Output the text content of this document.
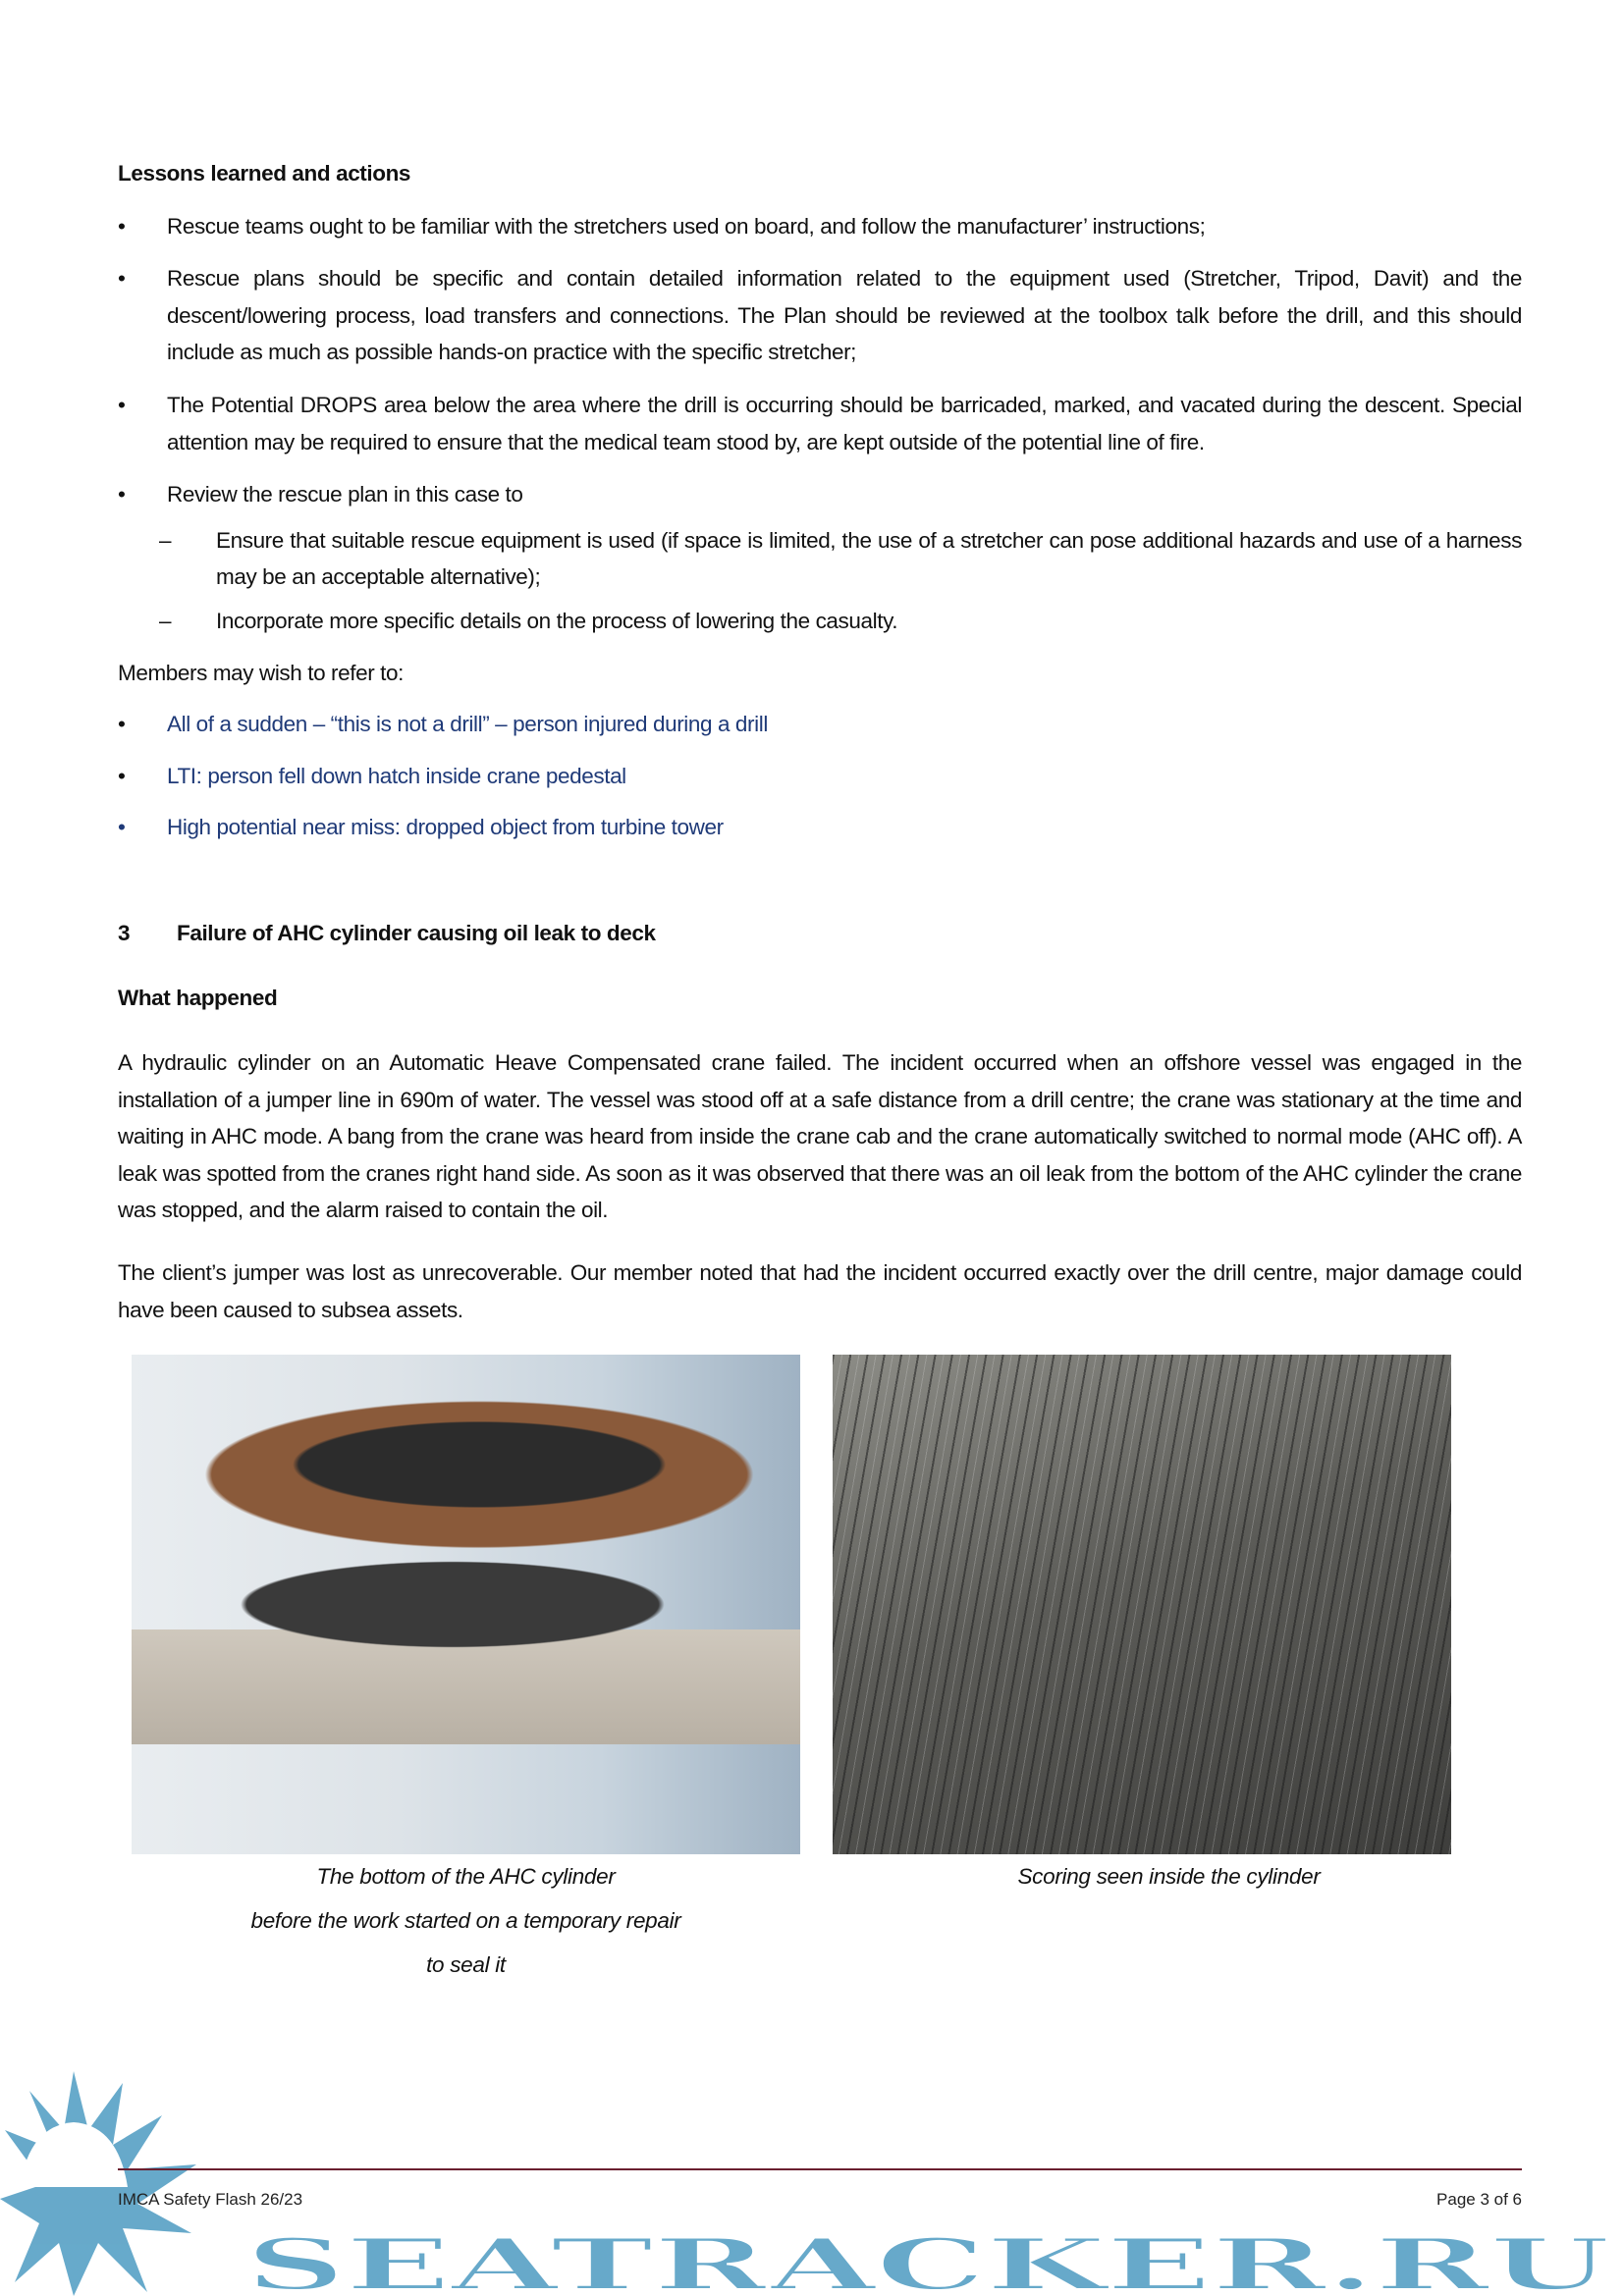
Lessons learned and actions
• Rescue teams ought to be familiar with the stretchers used on board, and follow the manufacturer’ instructions;
• Rescue plans should be specific and contain detailed information related to the equipment used (Stretcher, Tripod, Davit) and the descent/lowering process, load transfers and connections. The Plan should be reviewed at the toolbox talk before the drill, and this should include as much as possible hands-on practice with the specific stretcher;
• The Potential DROPS area below the area where the drill is occurring should be barricaded, marked, and vacated during the descent. Special attention may be required to ensure that the medical team stood by, are kept outside of the potential line of fire.
• Review the rescue plan in this case to
– Ensure that suitable rescue equipment is used (if space is limited, the use of a stretcher can pose additional hazards and use of a harness may be an acceptable alternative);
– Incorporate more specific details on the process of lowering the casualty.
Members may wish to refer to:
• All of a sudden – “this is not a drill” – person injured during a drill
• LTI: person fell down hatch inside crane pedestal
• High potential near miss: dropped object from turbine tower
3 Failure of AHC cylinder causing oil leak to deck
What happened
A hydraulic cylinder on an Automatic Heave Compensated crane failed. The incident occurred when an offshore vessel was engaged in the installation of a jumper line in 690m of water. The vessel was stood off at a safe distance from a drill centre; the crane was stationary at the time and waiting in AHC mode. A bang from the crane was heard from inside the crane cab and the crane automatically switched to normal mode (AHC off). A leak was spotted from the cranes right hand side. As soon as it was observed that there was an oil leak from the bottom of the AHC cylinder the crane was stopped, and the alarm raised to contain the oil.
The client’s jumper was lost as unrecoverable. Our member noted that had the incident occurred exactly over the drill centre, major damage could have been caused to subsea assets.
The bottom of the AHC cylinder
before the work started on a temporary repair
to seal it
Scoring seen inside the cylinder
SEATRACKER.RU
IMCA Safety Flash 26/23	Page 3 of 6
